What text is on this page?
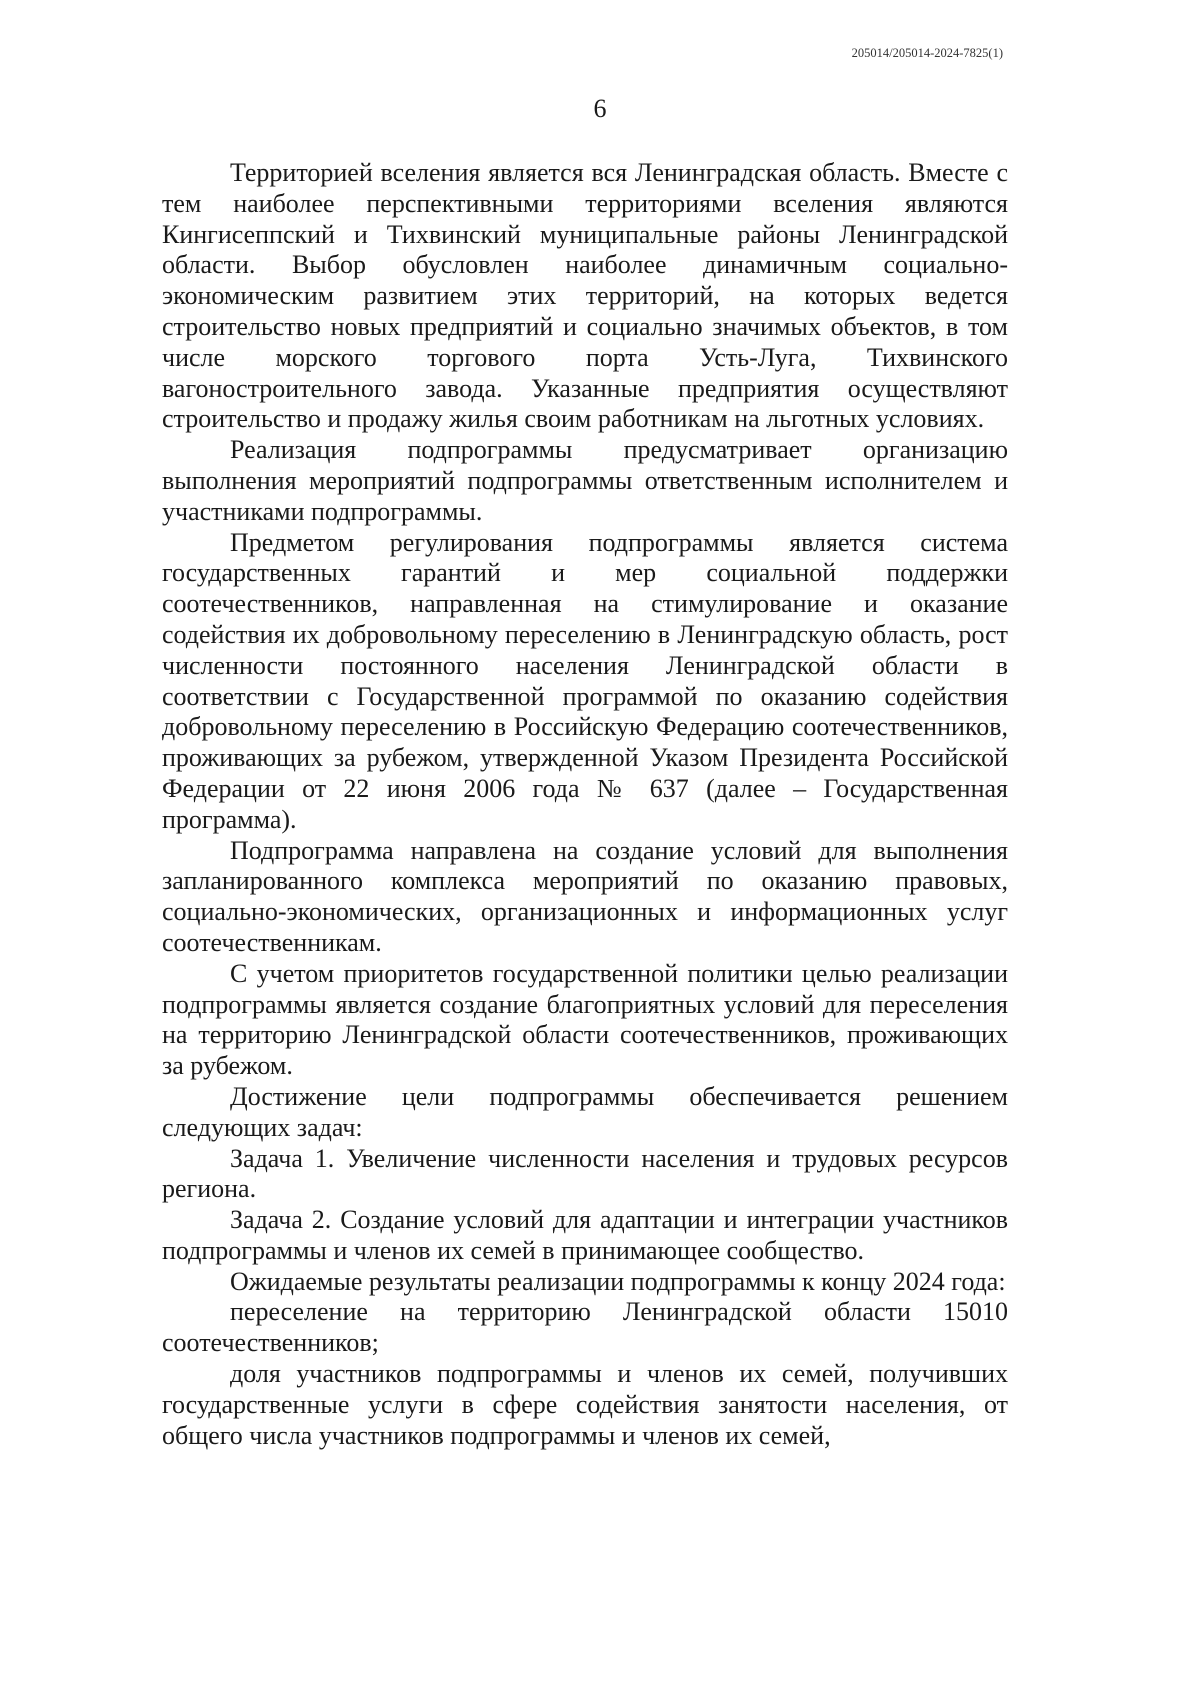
205014/205014-2024-7825(1)
6

Территорией вселения является вся Ленинградская область. Вместе с тем наиболее перспективными территориями вселения являются Кингисеппский и Тихвинский муниципальные районы Ленинградской области. Выбор обусловлен наиболее динамичным социально-экономическим развитием этих территорий, на которых ведется строительство новых предприятий и социально значимых объектов, в том числе морского торгового порта Усть-Луга, Тихвинского вагоностроительного завода. Указанные предприятия осуществляют строительство и продажу жилья своим работникам на льготных условиях.

Реализация подпрограммы предусматривает организацию выполнения мероприятий подпрограммы ответственным исполнителем и участниками подпрограммы.

Предметом регулирования подпрограммы является система государственных гарантий и мер социальной поддержки соотечественников, направленная на стимулирование и оказание содействия их добровольному переселению в Ленинградскую область, рост численности постоянного населения Ленинградской области в соответствии с Государственной программой по оказанию содействия добровольному переселению в Российскую Федерацию соотечественников, проживающих за рубежом, утвержденной Указом Президента Российской Федерации от 22 июня 2006 года № 637 (далее – Государственная программа).

Подпрограмма направлена на создание условий для выполнения запланированного комплекса мероприятий по оказанию правовых, социально-экономических, организационных и информационных услуг соотечественникам.

С учетом приоритетов государственной политики целью реализации подпрограммы является создание благоприятных условий для переселения на территорию Ленинградской области соотечественников, проживающих за рубежом.

Достижение цели подпрограммы обеспечивается решением следующих задач:

Задача 1. Увеличение численности населения и трудовых ресурсов региона.

Задача 2. Создание условий для адаптации и интеграции участников подпрограммы и членов их семей в принимающее сообщество.

Ожидаемые результаты реализации подпрограммы к концу 2024 года:

переселение на территорию Ленинградской области 15010 соотечественников;

доля участников подпрограммы и членов их семей, получивших государственные услуги в сфере содействия занятости населения, от общего числа участников подпрограммы и членов их семей,
